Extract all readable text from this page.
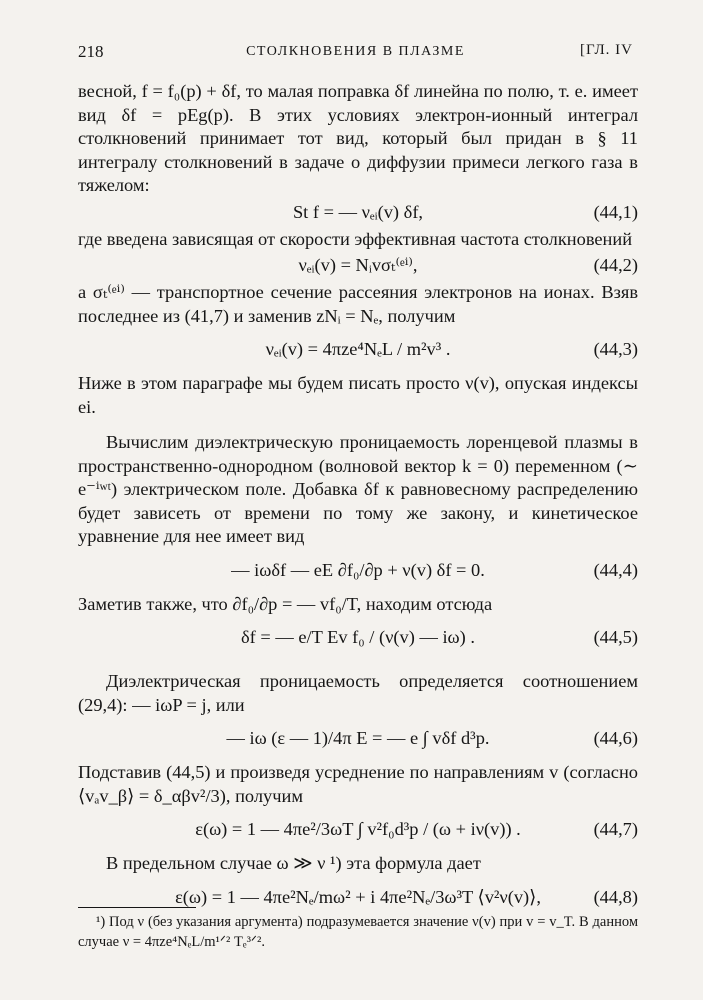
218	СТОЛКНОВЕНИЯ В ПЛАЗМЕ	[ГЛ. IV

весной, f = f₀(p) + δf, то малая поправка δf линейна по полю, т. е. имеет вид δf = pEg(p). В этих условиях электрон-ионный интеграл столкновений принимает тот вид, который был придан в § 11 интегралу столкновений в задаче о диффузии примеси легкого газа в тяжелом:

St f = — νₑᵢ(v) δf,	(44,1)

где введена зависящая от скорости эффективная частота столкновений

νₑᵢ(v) = Nᵢvσₜ⁽ᵉⁱ⁾,	(44,2)

а σₜ⁽ᵉⁱ⁾ — транспортное сечение рассеяния электронов на ионах. Взяв последнее из (41,7) и заменив zNᵢ = Nₑ, получим

νₑᵢ(v) = 4πze⁴NₑL / m²v³ .	(44,3)

Ниже в этом параграфе мы будем писать просто ν(v), опуская индексы ei.

Вычислим диэлектрическую проницаемость лоренцевой плазмы в пространственно-однородном (волновой вектор k = 0) переменном (∼ e⁻ⁱʷᵗ) электрическом поле. Добавка δf к равновесному распределению будет зависеть от времени по тому же закону, и кинетическое уравнение для нее имеет вид

— iωδf — eE ∂f₀/∂p + ν(v) δf = 0.	(44,4)

Заметив также, что ∂f₀/∂p = — vf₀/T, находим отсюда

δf = — e/T Ev f₀ / (ν(v) — iω) .	(44,5)

Диэлектрическая проницаемость определяется соотношением (29,4): — iωP = j, или

— iω (ε — 1)/4π E = — e ∫ vδf d³p.	(44,6)

Подставив (44,5) и произведя усреднение по направлениям v (согласно ⟨vₐv_β⟩ = δ_αβv²/3), получим

ε(ω) = 1 — 4πe²/3ωT ∫ v²f₀d³p / (ω + iν(v)) .	(44,7)

В предельном случае ω ≫ ν ¹) эта формула дает

ε(ω) = 1 — 4πe²Nₑ/mω² + i 4πe²Nₑ/3ω³T ⟨v²ν(v)⟩,	(44,8)

¹) Под ν (без указания аргумента) подразумевается значение ν(v) при v = v_T. В данном случае ν = 4πze⁴NₑL/m¹ᐟ² Tₑ³ᐟ².
